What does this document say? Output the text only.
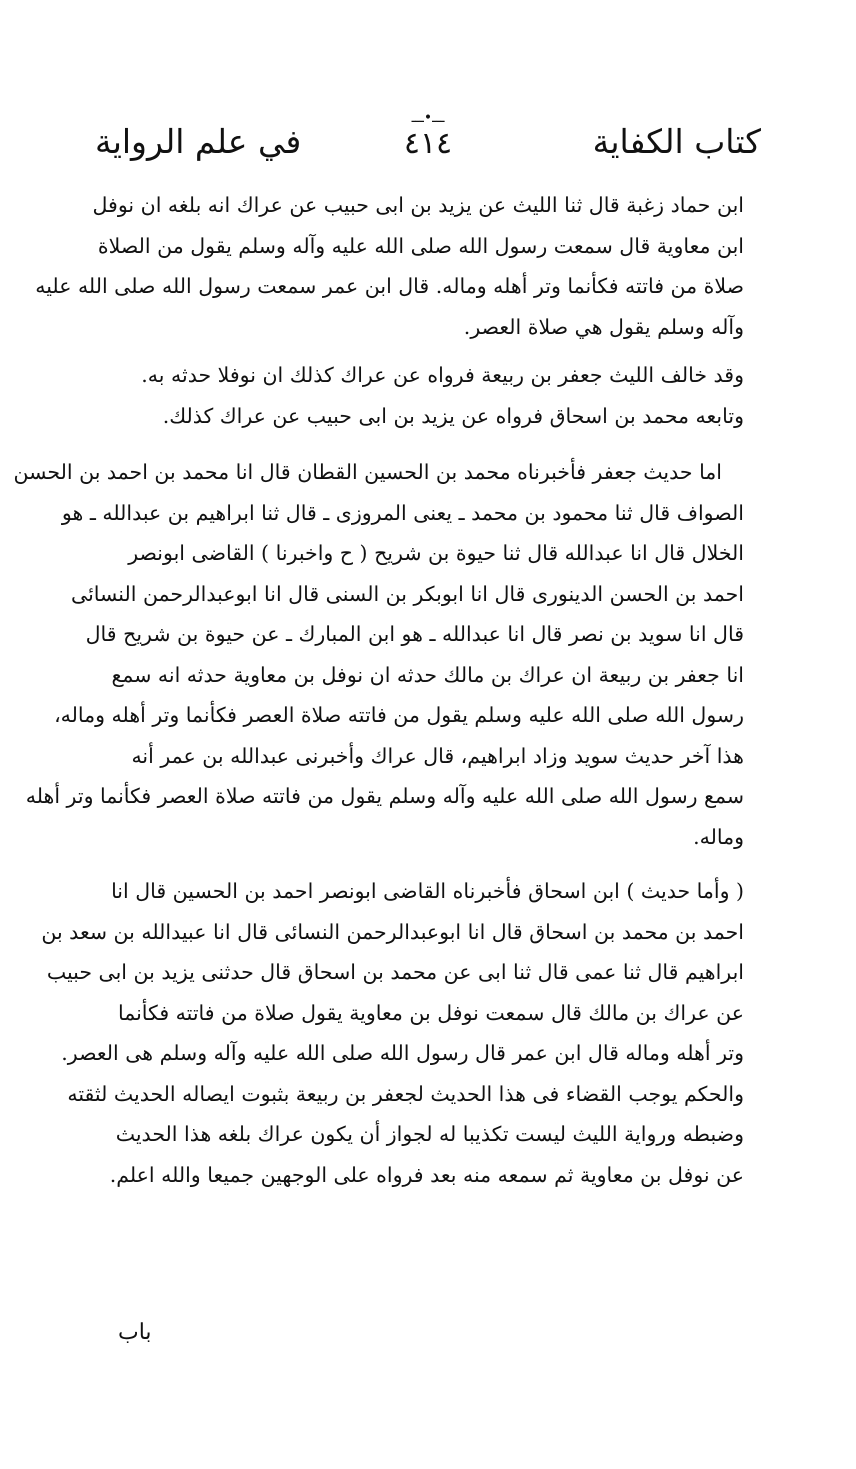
كتاب الكفاية
ـــ•ـــ
٤١٤
في علم الرواية
ابن حماد زغبة قال ثنا الليث عن يزيد بن ابى حبيب عن عراك انه بلغه ان نوفل
ابن معاوية قال سمعت رسول الله صلى الله عليه وآله وسلم يقول من الصلاة
صلاة من فاتته فكأنما وتر أهله وماله. قال ابن عمر سمعت رسول الله صلى الله عليه
وآله وسلم يقول هي صلاة العصر.
وقد خالف الليث جعفر بن ربيعة فرواه عن عراك كذلك ان نوفلا حدثه به.
وتابعه محمد بن اسحاق فرواه عن يزيد بن ابى حبيب عن عراك كذلك.
اما حديث جعفر فأخبرناه محمد بن الحسين القطان قال انا محمد بن احمد بن الحسن
الصواف قال ثنا محمود بن محمد ـ يعنى المروزى ـ قال ثنا ابراهيم بن عبدالله ـ هو
الخلال قال انا عبدالله قال ثنا حيوة بن شريح ( ح واخبرنا ) القاضى ابونصر
احمد بن الحسن الدينورى قال انا ابوبكر بن السنى قال انا ابوعبدالرحمن النسائى
قال انا سويد بن نصر قال انا عبدالله ـ هو ابن المبارك ـ عن حيوة بن شريح قال
انا جعفر بن ربيعة ان عراك بن مالك حدثه ان نوفل بن معاوية حدثه انه سمع
رسول الله صلى الله عليه وسلم يقول من فاتته صلاة العصر فكأنما وتر أهله وماله،
هذا آخر حديث سويد وزاد ابراهيم، قال عراك وأخبرنى عبدالله بن عمر أنه
سمع رسول الله صلى الله عليه وآله وسلم يقول من فاتته صلاة العصر فكأنما وتر أهله
وماله.
( وأما حديث ) ابن اسحاق فأخبرناه القاضى ابونصر احمد بن الحسين قال انا
احمد بن محمد بن اسحاق قال انا ابوعبدالرحمن النسائى قال انا عبيدالله بن سعد بن
ابراهيم قال ثنا عمى قال ثنا ابى عن محمد بن اسحاق قال حدثنى يزيد بن ابى حبيب
عن عراك بن مالك قال سمعت نوفل بن معاوية يقول صلاة من فاتته فكأنما
وتر أهله وماله قال ابن عمر قال رسول الله صلى الله عليه وآله وسلم هى العصر.
والحكم يوجب القضاء فى هذا الحديث لجعفر بن ربيعة بثبوت ايصاله الحديث لثقته
وضبطه ورواية الليث ليست تكذيبا له لجواز أن يكون عراك بلغه هذا الحديث
عن نوفل بن معاوية ثم سمعه منه بعد فرواه على الوجهين جميعا والله اعلم.
باب
